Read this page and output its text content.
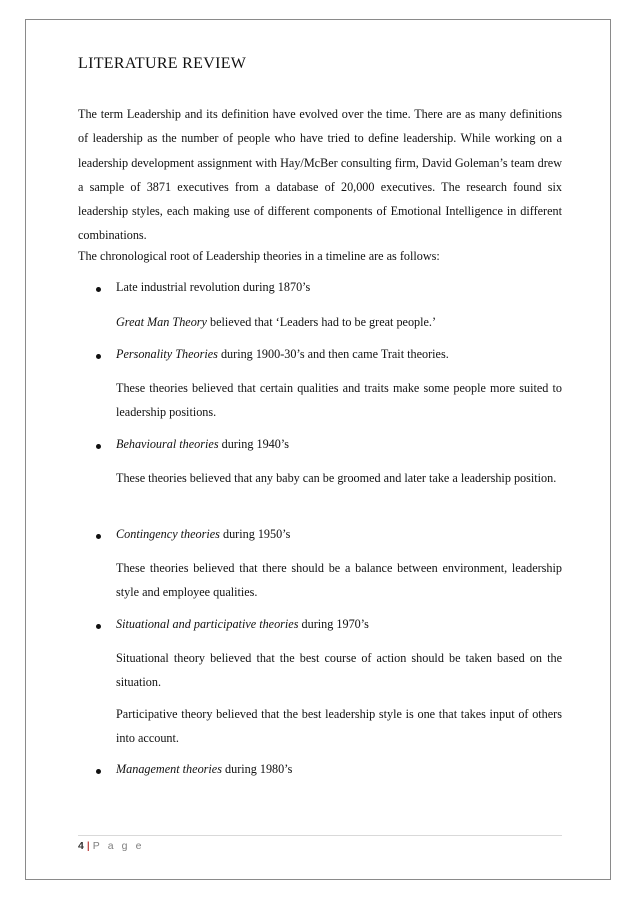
LITERATURE REVIEW
The term Leadership and its definition have evolved over the time. There are as many definitions of leadership as the number of people who have tried to define leadership. While working on a leadership development assignment with Hay/McBer consulting firm, David Goleman’s team drew a sample of 3871 executives from a database of 20,000 executives. The research found six leadership styles, each making use of different components of Emotional Intelligence in different combinations.
The chronological root of Leadership theories in a timeline are as follows:
Late industrial revolution during 1870’s
Great Man Theory believed that ‘Leaders had to be great people.’
Personality Theories during 1900-30’s and then came Trait theories.
These theories believed that certain qualities and traits make some people more suited to leadership positions.
Behavioural theories during 1940’s
These theories believed that any baby can be groomed and later take a leadership position.
Contingency theories during 1950’s
These theories believed that there should be a balance between environment, leadership style and employee qualities.
Situational and participative theories during 1970’s
Situational theory believed that the best course of action should be taken based on the situation.
Participative theory believed that the best leadership style is one that takes input of others into account.
Management theories during 1980’s
4 | P a g e
